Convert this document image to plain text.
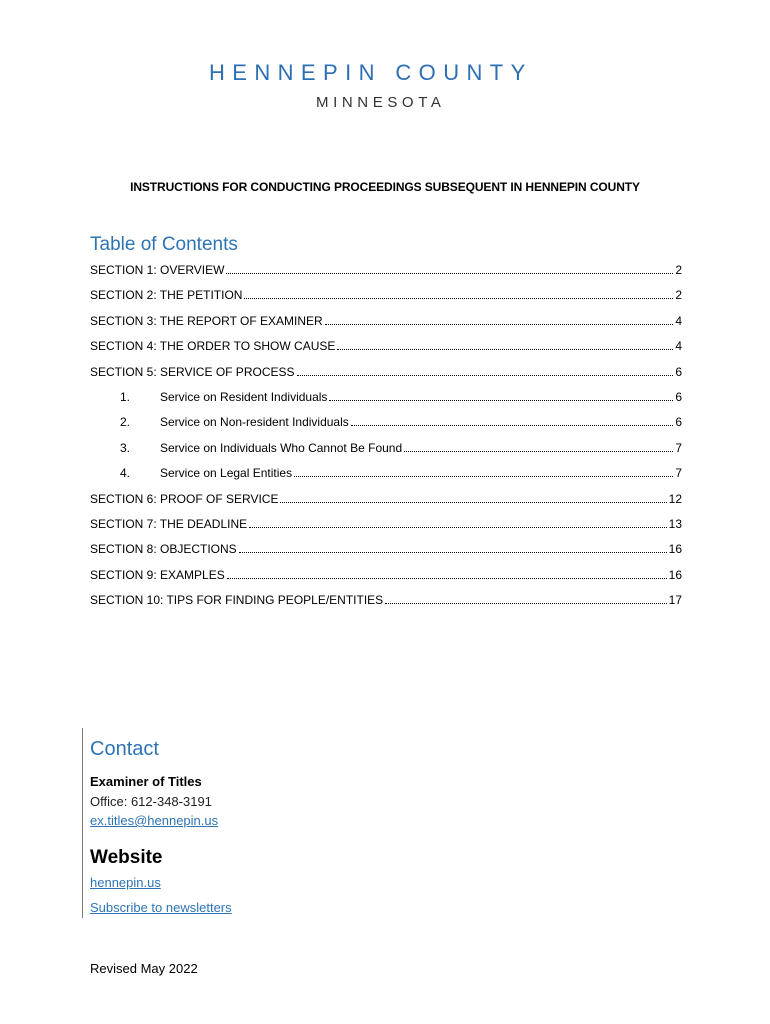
HENNEPIN COUNTY
MINNESOTA
INSTRUCTIONS FOR CONDUCTING PROCEEDINGS SUBSEQUENT IN HENNEPIN COUNTY
Table of Contents
SECTION 1: OVERVIEW	2
SECTION 2: THE PETITION	2
SECTION 3: THE REPORT OF EXAMINER	4
SECTION 4: THE ORDER TO SHOW CAUSE	4
SECTION 5: SERVICE OF PROCESS	6
1.	Service on Resident Individuals	6
2.	Service on Non-resident Individuals	6
3.	Service on Individuals Who Cannot Be Found	7
4.	Service on Legal Entities	7
SECTION 6: PROOF OF SERVICE	12
SECTION 7: THE DEADLINE	13
SECTION 8: OBJECTIONS	16
SECTION 9: EXAMPLES	16
SECTION 10: TIPS FOR FINDING PEOPLE/ENTITIES	17
Contact
Examiner of Titles
Office: 612-348-3191
ex.titles@hennepin.us
Website
hennepin.us
Subscribe to newsletters
Revised May 2022
